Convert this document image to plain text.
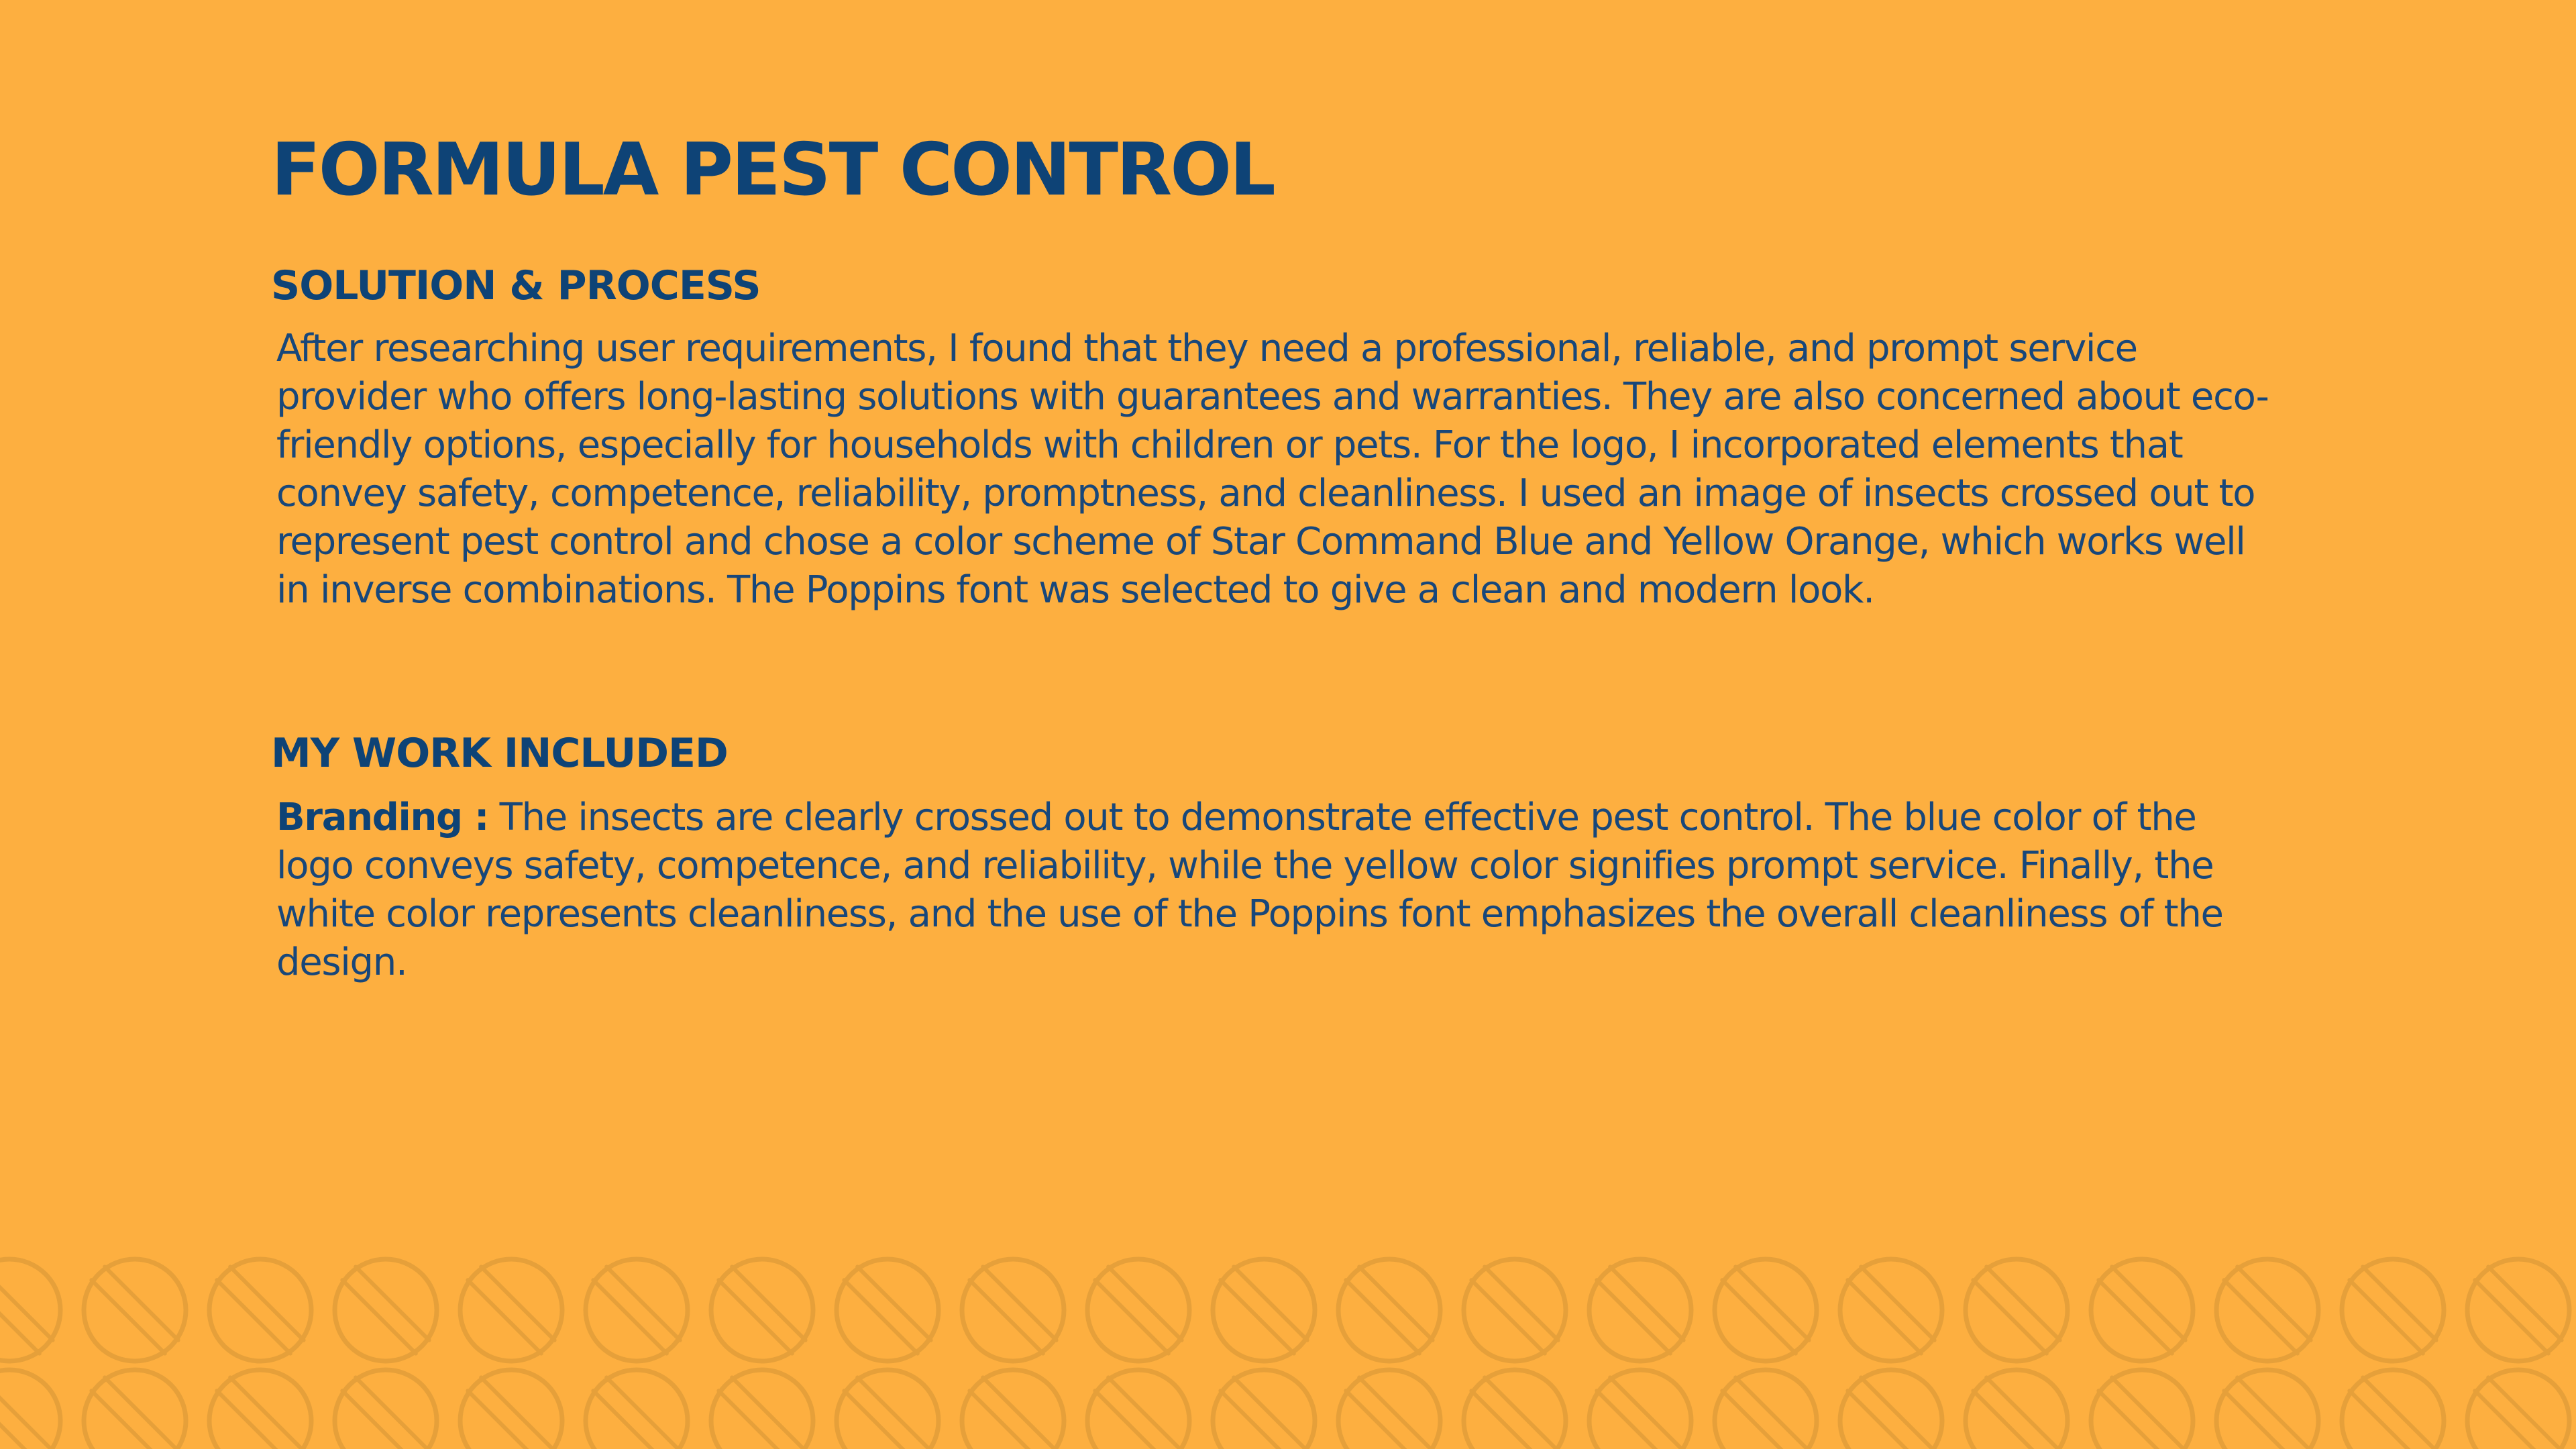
FORMULA PEST CONTROL
SOLUTION & PROCESS

After researching user requirements, I found that they need a professional, reliable, and prompt service provider who offers long-lasting solutions with guarantees and warranties. They are also concerned about eco-friendly options, especially for households with children or pets. For the logo, I incorporated elements that convey safety, competence, reliability, promptness, and cleanliness. I used an image of insects crossed out to represent pest control and chose a color scheme of Star Command Blue and Yellow Orange, which works well in inverse combinations. The Poppins font was selected to give a clean and modern look.

MY WORK INCLUDED

Branding : The insects are clearly crossed out to demonstrate effective pest control. The blue color of the logo conveys safety, competence, and reliability, while the yellow color signifies prompt service. Finally, the white color represents cleanliness, and the use of the Poppins font emphasizes the overall cleanliness of the design.
